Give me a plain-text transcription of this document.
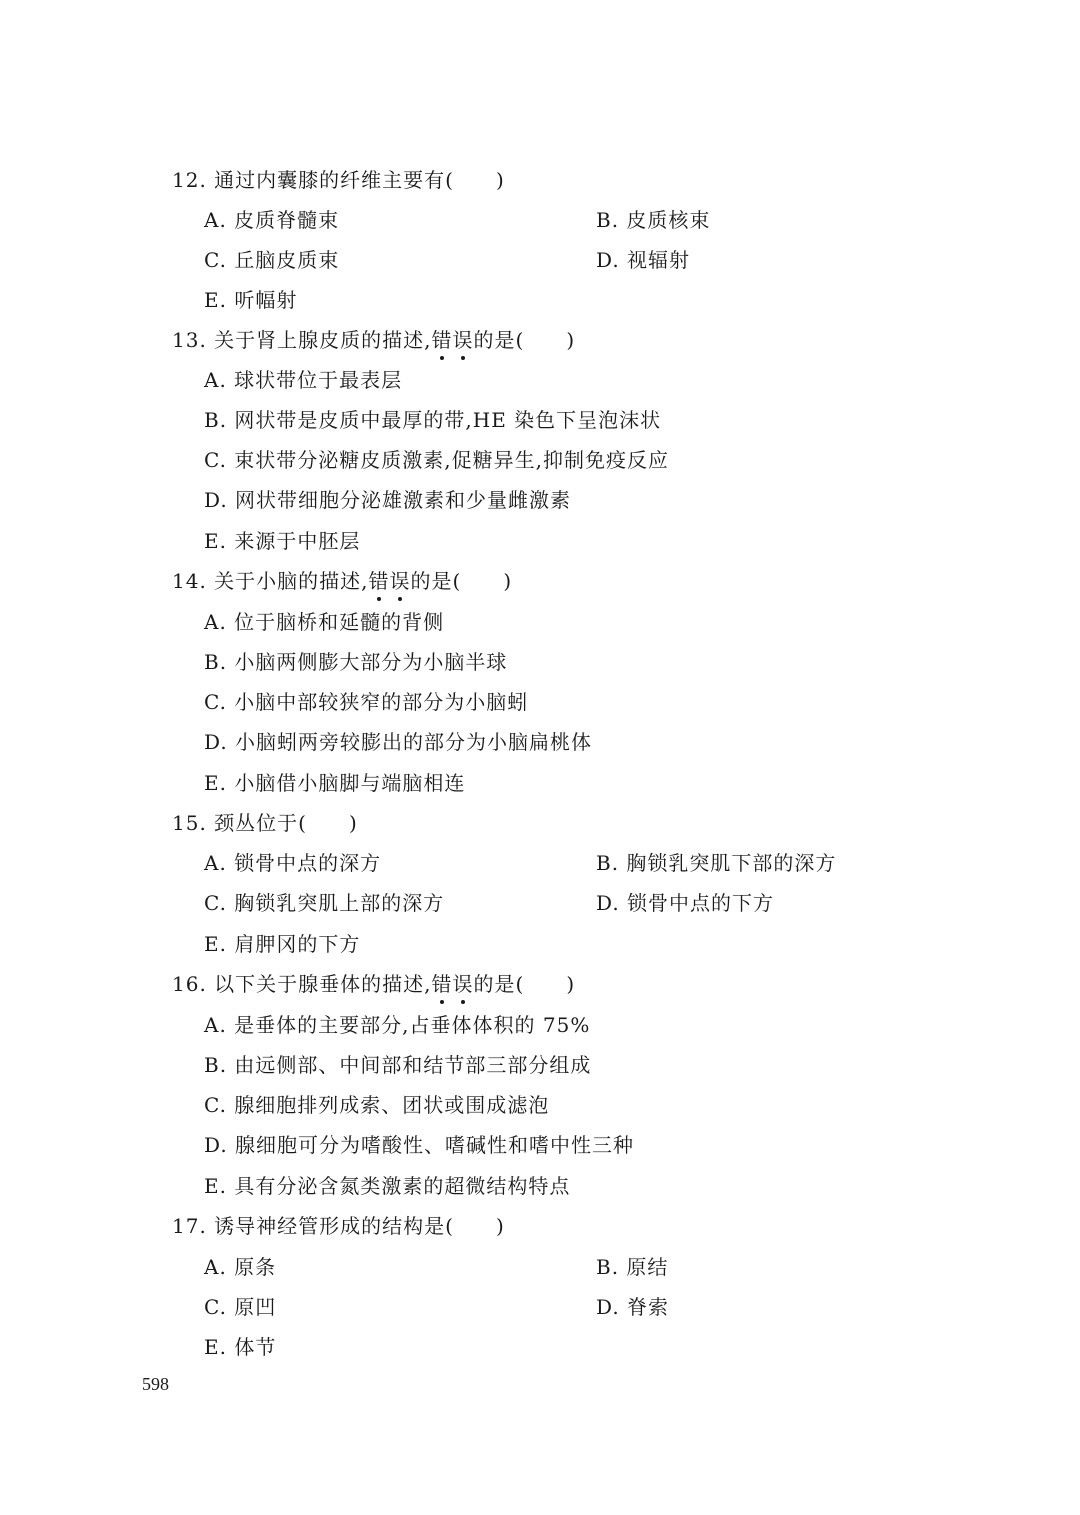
12. 通过内囊膝的纤维主要有(　　)
A. 皮质脊髓束	B. 皮质核束
C. 丘脑皮质束	D. 视辐射
E. 听幅射
13. 关于肾上腺皮质的描述,错误的是(　　)
A. 球状带位于最表层
B. 网状带是皮质中最厚的带,HE 染色下呈泡沫状
C. 束状带分泌糖皮质激素,促糖异生,抑制免疫反应
D. 网状带细胞分泌雄激素和少量雌激素
E. 来源于中胚层
14. 关于小脑的描述,错误的是(　　)
A. 位于脑桥和延髓的背侧
B. 小脑两侧膨大部分为小脑半球
C. 小脑中部较狭窄的部分为小脑蚓
D. 小脑蚓两旁较膨出的部分为小脑扁桃体
E. 小脑借小脑脚与端脑相连
15. 颈丛位于(　　)
A. 锁骨中点的深方	B. 胸锁乳突肌下部的深方
C. 胸锁乳突肌上部的深方	D. 锁骨中点的下方
E. 肩胛冈的下方
16. 以下关于腺垂体的描述,错误的是(　　)
A. 是垂体的主要部分,占垂体体积的 75%
B. 由远侧部、中间部和结节部三部分组成
C. 腺细胞排列成索、团状或围成滤泡
D. 腺细胞可分为嗜酸性、嗜碱性和嗜中性三种
E. 具有分泌含氮类激素的超微结构特点
17. 诱导神经管形成的结构是(　　)
A. 原条	B. 原结
C. 原凹	D. 脊索
E. 体节
598
